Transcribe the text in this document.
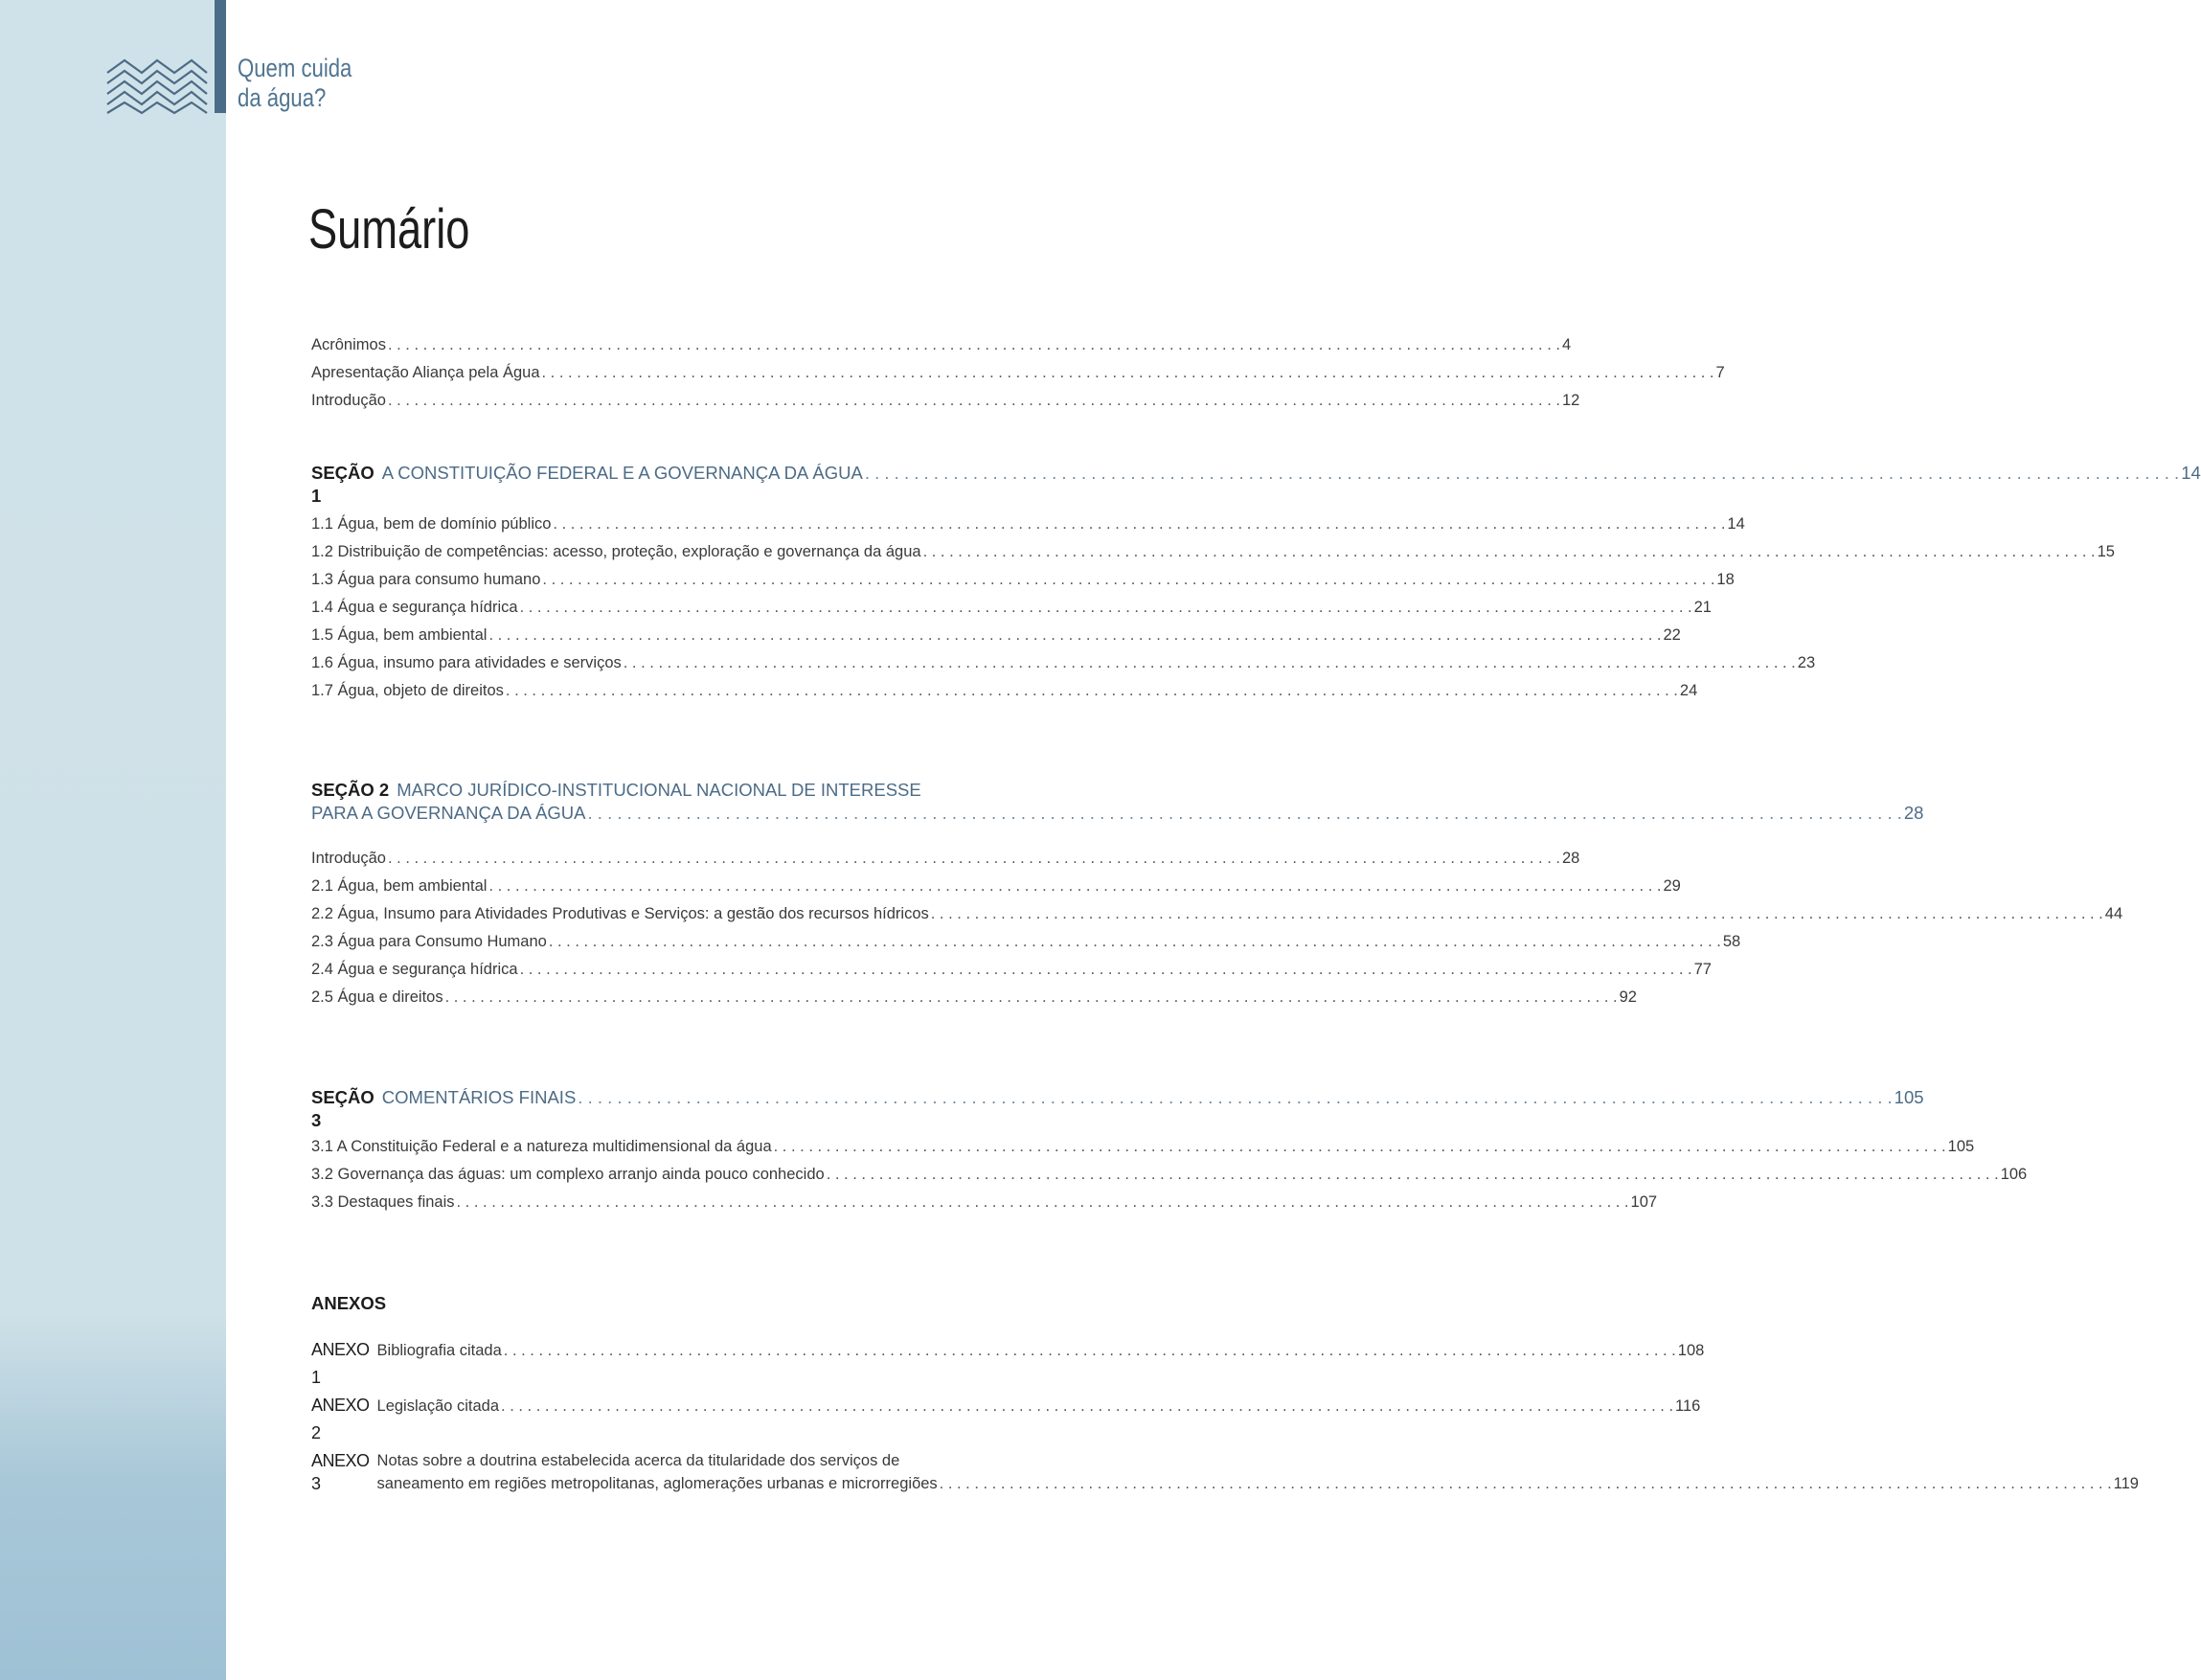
Quem cuida
da água?
Sumário
Acrônimos . . .	4
Apresentação Aliança pela Água . . .	7
Introdução . . .	12
SEÇÃO 1
A CONSTITUIÇÃO FEDERAL E A GOVERNANÇA DA ÁGUA . . .	14
1.1 Água, bem de domínio público . . .	14
1.2 Distribuição de competências: acesso, proteção, exploração e governança da água . . .	15
1.3 Água para consumo humano . . .	18
1.4 Água e segurança hídrica . . .	21
1.5 Água, bem ambiental . . .	22
1.6 Água, insumo para atividades e serviços . . .	23
1.7 Água, objeto de direitos . . .	24
SEÇÃO 2 MARCO JURÍDICO-INSTITUCIONAL NACIONAL DE INTERESSE
PARA A GOVERNANÇA DA ÁGUA . . .	28
Introdução . . .	28
2.1 Água, bem ambiental . . .	29
2.2 Água, Insumo para Atividades Produtivas e Serviços: a gestão dos recursos hídricos . . .	44
2.3 Água para Consumo Humano . . .	58
2.4 Água e segurança hídrica . . .	77
2.5 Água e direitos . . .	92
SEÇÃO 3
COMENTÁRIOS FINAIS . . .	105
3.1 A Constituição Federal e a natureza multidimensional da água . . .	105
3.2 Governança das águas: um complexo arranjo ainda pouco conhecido . . .	106
3.3 Destaques finais . . .	107
ANEXOS
ANEXO 1
Bibliografia citada . . .	108
ANEXO 2
Legislação citada . . .	116
ANEXO 3
Notas sobre a doutrina estabelecida acerca da titularidade dos serviços de
saneamento em regiões metropolitanas, aglomerações urbanas e microrregiões . . .	119
